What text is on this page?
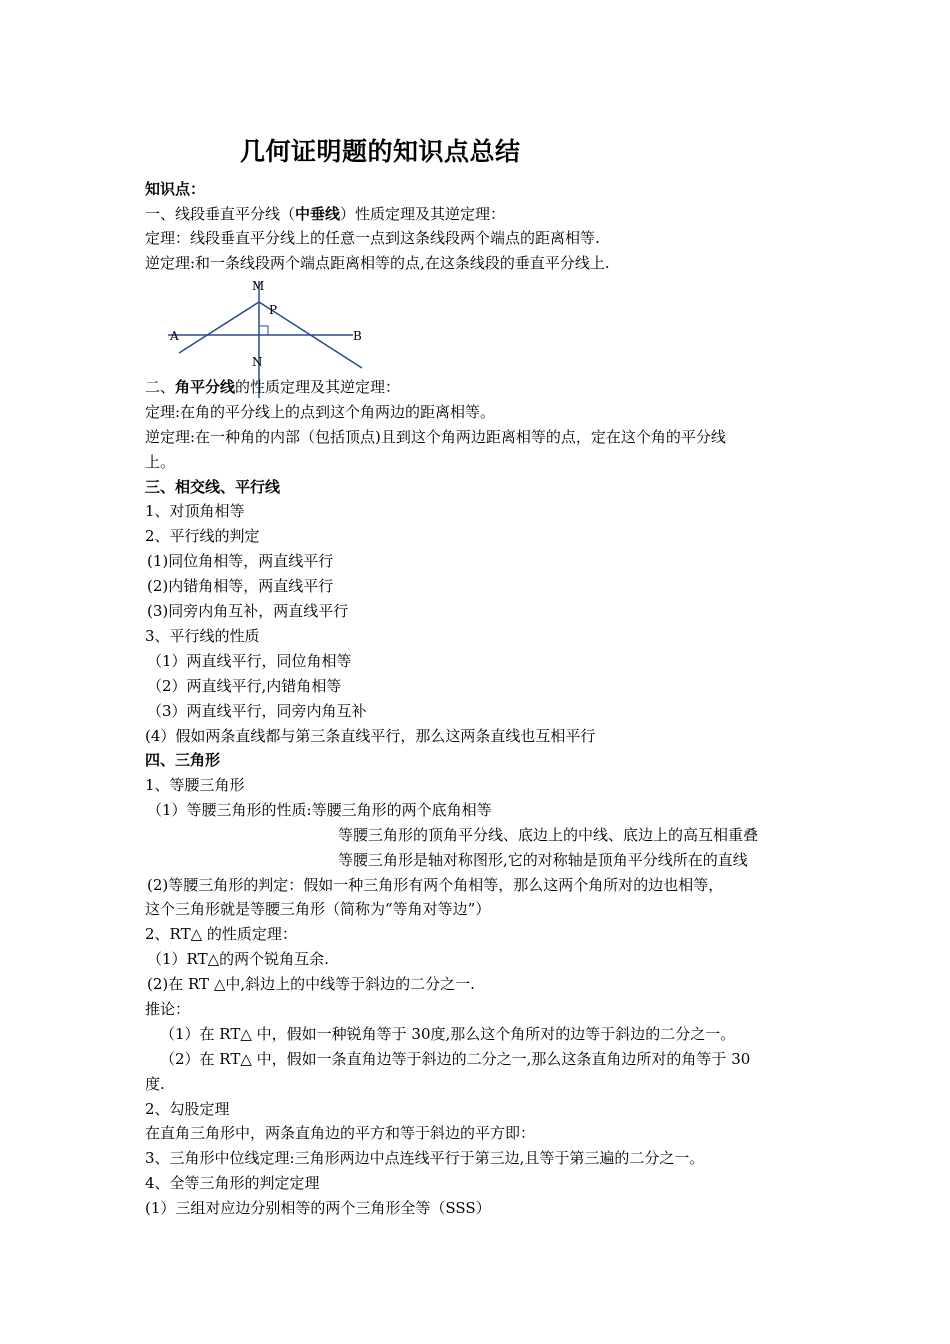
几何证明题的知识点总结
知识点：
一、线段垂直平分线（中垂线）性质定理及其逆定理：
定理：线段垂直平分线上的任意一点到这条线段两个端点的距离相等.
逆定理:和一条线段两个端点距离相等的点,在这条线段的垂直平分线上.
M
P
A	B
N
二、角平分线的性质定理及其逆定理：
定理:在角的平分线上的点到这个角两边的距离相等。
逆定理:在一种角的内部（包括顶点)且到这个角两边距离相等的点，定在这个角的平分线
上。
三、相交线、平行线
1、对顶角相等
2、平行线的判定
(1)同位角相等，两直线平行
(2)内错角相等，两直线平行
(3)同旁内角互补，两直线平行
3、平行线的性质
（1）两直线平行，同位角相等
（2）两直线平行,内错角相等
（3）两直线平行，同旁内角互补
(4）假如两条直线都与第三条直线平行，那么这两条直线也互相平行
四、三角形
1、等腰三角形
（1）等腰三角形的性质:等腰三角形的两个底角相等
等腰三角形的顶角平分线、底边上的中线、底边上的高互相重叠
等腰三角形是轴对称图形,它的对称轴是顶角平分线所在的直线
(2)等腰三角形的判定：假如一种三角形有两个角相等，那么这两个角所对的边也相等，
这个三角形就是等腰三角形（简称为“等角对等边”）
2、RT△ 的性质定理：
（1）RT△的两个锐角互余.
(2)在 RT △中,斜边上的中线等于斜边的二分之一.
推论：
（1）在 RT△ 中，假如一种锐角等于 30度,那么这个角所对的边等于斜边的二分之一。
（2）在 RT△ 中，假如一条直角边等于斜边的二分之一,那么这条直角边所对的角等于 30
度.
2、勾股定理
在直角三角形中，两条直角边的平方和等于斜边的平方即：
3、三角形中位线定理:三角形两边中点连线平行于第三边,且等于第三遍的二分之一。
4、全等三角形的判定定理
(1）三组对应边分别相等的两个三角形全等（SSS）
